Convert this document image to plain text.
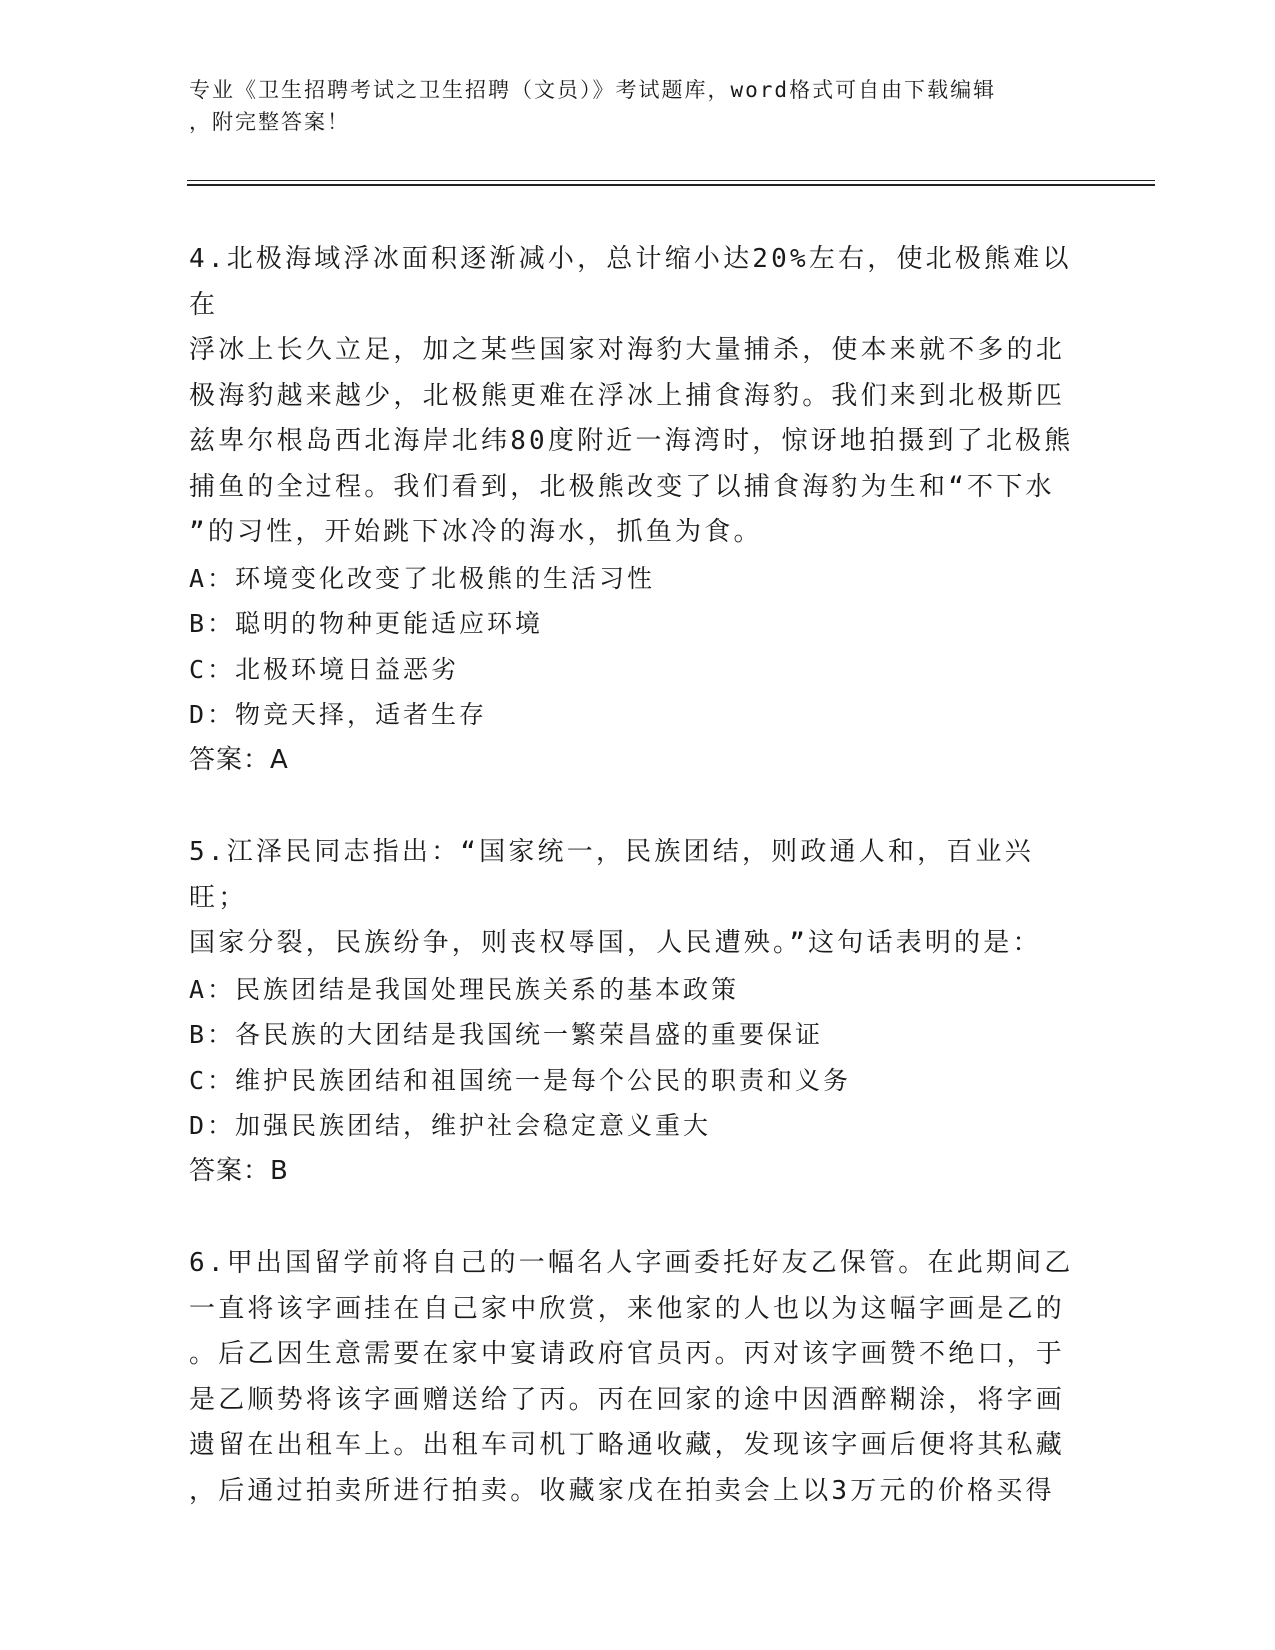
专业《卫生招聘考试之卫生招聘（文员）》考试题库，word格式可自由下载编辑
，附完整答案！
4.北极海域浮冰面积逐渐减小，总计缩小达20%左右，使北极熊难以在
浮冰上长久立足，加之某些国家对海豹大量捕杀，使本来就不多的北
极海豹越来越少，北极熊更难在浮冰上捕食海豹。我们来到北极斯匹
兹卑尔根岛西北海岸北纬80度附近一海湾时，惊讶地拍摄到了北极熊
捕鱼的全过程。我们看到，北极熊改变了以捕食海豹为生和“不下水
”的习性，开始跳下冰冷的海水，抓鱼为食。
A：环境变化改变了北极熊的生活习性
B：聪明的物种更能适应环境
C：北极环境日益恶劣
D：物竞天择，适者生存
答案：A
5.江泽民同志指出：“国家统一，民族团结，则政通人和，百业兴旺；
国家分裂，民族纷争，则丧权辱国，人民遭殃。”这句话表明的是：
A：民族团结是我国处理民族关系的基本政策
B：各民族的大团结是我国统一繁荣昌盛的重要保证
C：维护民族团结和祖国统一是每个公民的职责和义务
D：加强民族团结，维护社会稳定意义重大
答案：B
6.甲出国留学前将自己的一幅名人字画委托好友乙保管。在此期间乙
一直将该字画挂在自己家中欣赏，来他家的人也以为这幅字画是乙的
。后乙因生意需要在家中宴请政府官员丙。丙对该字画赞不绝口，于
是乙顺势将该字画赠送给了丙。丙在回家的途中因酒醉糊涂，将字画
遗留在出租车上。出租车司机丁略通收藏，发现该字画后便将其私藏
，后通过拍卖所进行拍卖。收藏家戊在拍卖会上以3万元的价格买得
